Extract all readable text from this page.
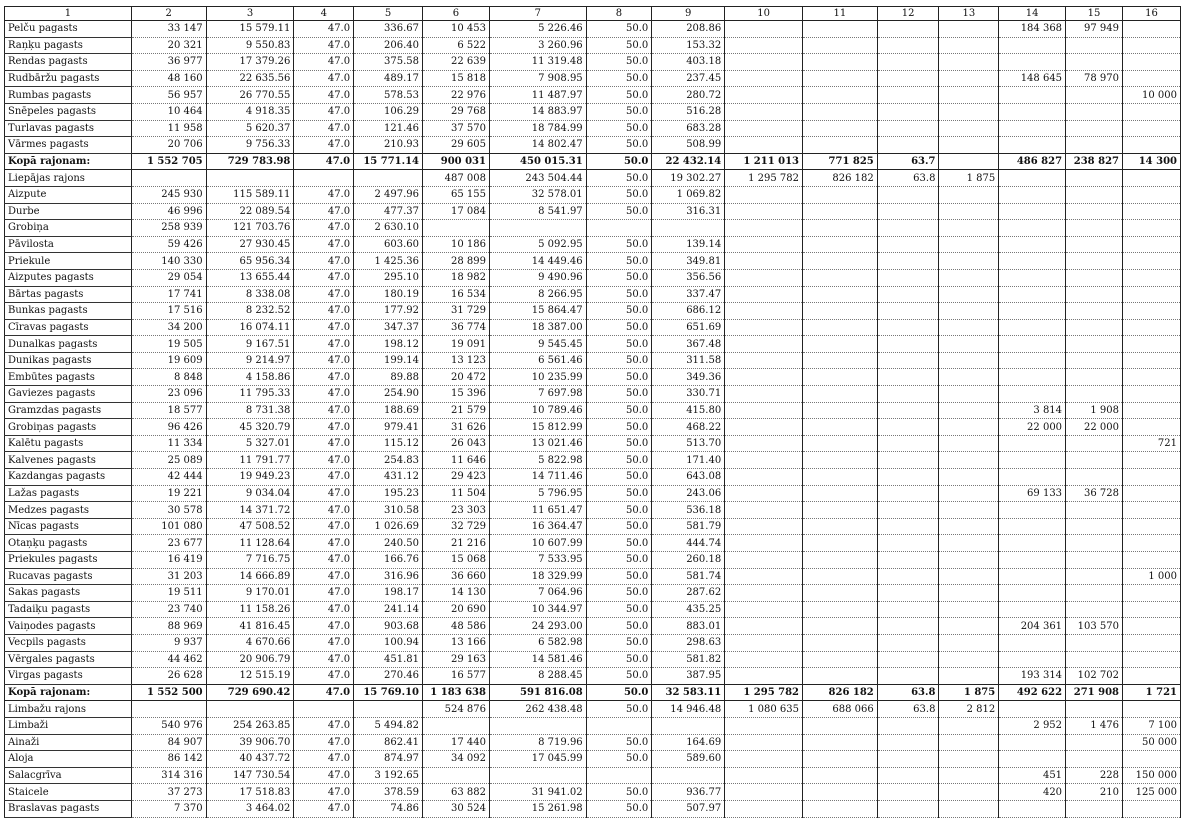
1	2	3	4	5	6	7	8	9	10	11	12	13	14	15	16
Pelču pagasts	33 147	15 579.11	47.0	336.67	10 453	5 226.46	50.0	208.86					184 368	97 949	
Raņķu pagasts	20 321	9 550.83	47.0	206.40	6 522	3 260.96	50.0	153.32							
Rendas pagasts	36 977	17 379.26	47.0	375.58	22 639	11 319.48	50.0	403.18							
Rudbāržu pagasts	48 160	22 635.56	47.0	489.17	15 818	7 908.95	50.0	237.45					148 645	78 970	
Rumbas pagasts	56 957	26 770.55	47.0	578.53	22 976	11 487.97	50.0	280.72							10 000
Snēpeles pagasts	10 464	4 918.35	47.0	106.29	29 768	14 883.97	50.0	516.28							
Turlavas pagasts	11 958	5 620.37	47.0	121.46	37 570	18 784.99	50.0	683.28							
Vārmes pagasts	20 706	9 756.33	47.0	210.93	29 605	14 802.47	50.0	508.99							
Kopā rajonam:	1 552 705	729 783.98	47.0	15 771.14	900 031	450 015.31	50.0	22 432.14	1 211 013	771 825	63.7		486 827	238 827	14 300
Liepājas rajons					487 008	243 504.44	50.0	19 302.27	1 295 782	826 182	63.8	1 875			
Aizpute	245 930	115 589.11	47.0	2 497.96	65 155	32 578.01	50.0	1 069.82							
Durbe	46 996	22 089.54	47.0	477.37	17 084	8 541.97	50.0	316.31							
Grobiņa	258 939	121 703.76	47.0	2 630.10											
Pāvilosta	59 426	27 930.45	47.0	603.60	10 186	5 092.95	50.0	139.14							
Priekule	140 330	65 956.34	47.0	1 425.36	28 899	14 449.46	50.0	349.81							
Aizputes pagasts	29 054	13 655.44	47.0	295.10	18 982	9 490.96	50.0	356.56							
Bārtas pagasts	17 741	8 338.08	47.0	180.19	16 534	8 266.95	50.0	337.47							
Bunkas pagasts	17 516	8 232.52	47.0	177.92	31 729	15 864.47	50.0	686.12							
Cīravas pagasts	34 200	16 074.11	47.0	347.37	36 774	18 387.00	50.0	651.69							
Dunalkas pagasts	19 505	9 167.51	47.0	198.12	19 091	9 545.45	50.0	367.48							
Dunikas pagasts	19 609	9 214.97	47.0	199.14	13 123	6 561.46	50.0	311.58							
Embūtes pagasts	8 848	4 158.86	47.0	89.88	20 472	10 235.99	50.0	349.36							
Gaviezes pagasts	23 096	11 795.33	47.0	254.90	15 396	7 697.98	50.0	330.71							
Gramzdas pagasts	18 577	8 731.38	47.0	188.69	21 579	10 789.46	50.0	415.80					3 814	1 908	
Grobiņas pagasts	96 426	45 320.79	47.0	979.41	31 626	15 812.99	50.0	468.22					22 000	22 000	
Kalētu pagasts	11 334	5 327.01	47.0	115.12	26 043	13 021.46	50.0	513.70							721
Kalvenes pagasts	25 089	11 791.77	47.0	254.83	11 646	5 822.98	50.0	171.40							
Kazdangas pagasts	42 444	19 949.23	47.0	431.12	29 423	14 711.46	50.0	643.08							
Lažas pagasts	19 221	9 034.04	47.0	195.23	11 504	5 796.95	50.0	243.06					69 133	36 728	
Medzes pagasts	30 578	14 371.72	47.0	310.58	23 303	11 651.47	50.0	536.18							
Nīcas pagasts	101 080	47 508.52	47.0	1 026.69	32 729	16 364.47	50.0	581.79							
Otaņķu pagasts	23 677	11 128.64	47.0	240.50	21 216	10 607.99	50.0	444.74							
Priekules pagasts	16 419	7 716.75	47.0	166.76	15 068	7 533.95	50.0	260.18							
Rucavas pagasts	31 203	14 666.89	47.0	316.96	36 660	18 329.99	50.0	581.74							1 000
Sakas pagasts	19 511	9 170.01	47.0	198.17	14 130	7 064.96	50.0	287.62							
Tadaiķu pagasts	23 740	11 158.26	47.0	241.14	20 690	10 344.97	50.0	435.25							
Vaiņodes pagasts	88 969	41 816.45	47.0	903.68	48 586	24 293.00	50.0	883.01					204 361	103 570	
Vecpils pagasts	9 937	4 670.66	47.0	100.94	13 166	6 582.98	50.0	298.63							
Vērgales pagasts	44 462	20 906.79	47.0	451.81	29 163	14 581.46	50.0	581.82							
Virgas pagasts	26 628	12 515.19	47.0	270.46	16 577	8 288.45	50.0	387.95					193 314	102 702	
Kopā rajonam:	1 552 500	729 690.42	47.0	15 769.10	1 183 638	591 816.08	50.0	32 583.11	1 295 782	826 182	63.8	1 875	492 622	271 908	1 721
Limbažu rajons					524 876	262 438.48	50.0	14 946.48	1 080 635	688 066	63.8	2 812			
Limbaži	540 976	254 263.85	47.0	5 494.82									2 952	1 476	7 100
Ainaži	84 907	39 906.70	47.0	862.41	17 440	8 719.96	50.0	164.69							50 000
Aloja	86 142	40 437.72	47.0	874.97	34 092	17 045.99	50.0	589.60							
Salacgrīva	314 316	147 730.54	47.0	3 192.65									451	228	150 000
Staicele	37 273	17 518.83	47.0	378.59	63 882	31 941.02	50.0	936.77					420	210	125 000
Braslavas pagasts	7 370	3 464.02	47.0	74.86	30 524	15 261.98	50.0	507.97							
